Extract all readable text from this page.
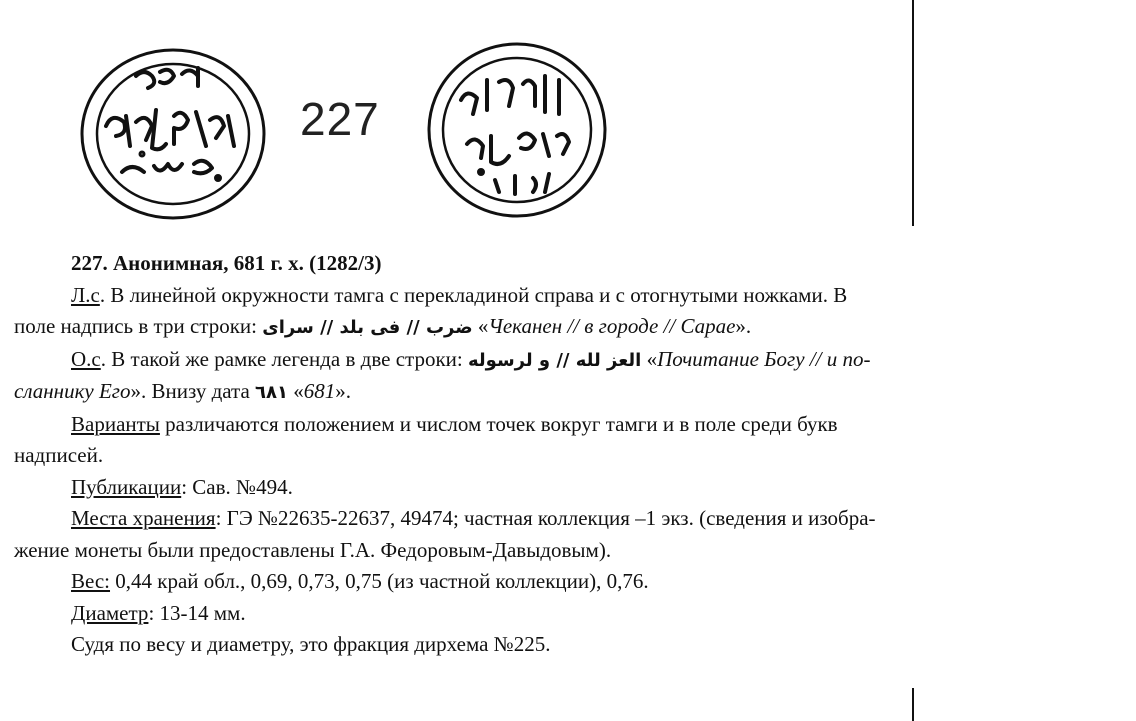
227

227. Анонимная, 681 г. х. (1282/3)

Л.с. В линейной окружности тамга с перекладиной справа и с отогнутыми ножками. В

поле надпись в три строки: ضرب // فى بلد // سراى «Чеканен // в городе // Сарае».

О.с. В такой же рамке легенда в две строки: العز لله // و لرسوله «Почитание Богу // и по-

сланнику Его». Внизу дата ٦٨١ «681».

Варианты различаются положением и числом точек вокруг тамги и в поле среди букв

надписей.

Публикации: Сав. №494.

Места хранения: ГЭ №22635-22637, 49474; частная коллекция –1 экз. (сведения и изобра-

жение монеты были предоставлены Г.А. Федоровым-Давыдовым).

Вес: 0,44 край обл., 0,69, 0,73, 0,75 (из частной коллекции), 0,76.

Диаметр: 13-14 мм.

Судя по весу и диаметру, это фракция дирхема №225.
